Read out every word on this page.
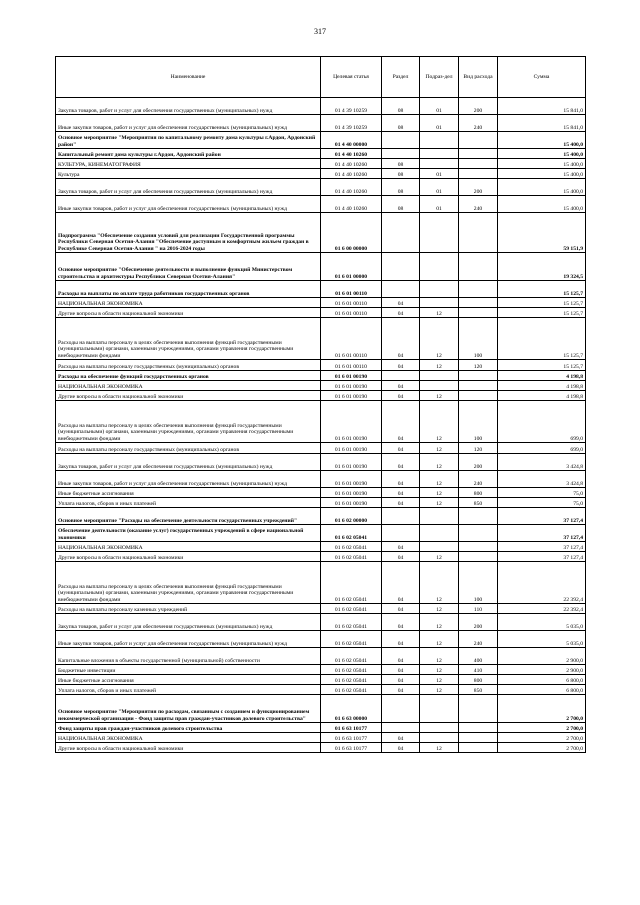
317
Наименование	Целевая статья	Раздел	Подраз-дел	Вид расхода	Сумма
Закупка товаров, работ и услуг для обеспечения государственных (муниципальных) нужд	01 4 39 10259	08	01	200	15 841,0
Иные закупки товаров, работ и услуг для обеспечения государственных (муниципальных) нужд	01 4 39 10259	08	01	240	15 841,0
Основное мероприятие "Мероприятия по капитальному ремонту дома культуры г.Ардон, Ардонский район"	01 4 40 00000				15 400,0
Капитальный ремонт дома культуры г.Ардон, Ардонский район	01 4 40 10260				15 400,0
КУЛЬТУРА, КИНЕМАТОГРАФИЯ	01 4 40 10260	08			15 400,0
Культура	01 4 40 10260	08	01		15 400,0
Закупка товаров, работ и услуг для обеспечения государственных (муниципальных) нужд	01 4 40 10260	08	01	200	15 400,0
Иные закупки товаров, работ и услуг для обеспечения государственных (муниципальных) нужд	01 4 40 10260	08	01	240	15 400,0
Подпрограмма "Обеспечение создания условий для реализации Государственной программы Республики Северная Осетия-Алания "Обеспечение доступным и комфортным жильем граждан в Республике Северная Осетия-Алания " на 2016-2024 годы	01 6 00 00000				59 151,9
Основное мероприятие "Обеспечение деятельности и выполнение функций Министерством строительства и архитектуры Республики Северная Осетия-Алания"	01 6 01 00000				19 324,5
Расходы на выплаты по оплате труда работников государственных органов	01 6 01 00110				15 125,7
НАЦИОНАЛЬНАЯ ЭКОНОМИКА	01 6 01 00110	04			15 125,7
Другие вопросы в области национальной экономики	01 6 01 00110	04	12		15 125,7
Расходы на выплаты персоналу в целях обеспечения выполнения функций государственными (муниципальными) органами, казенными учреждениями, органами управления государственными внебюджетными фондами	01 6 01 00110	04	12	100	15 125,7
Расходы на выплаты персоналу государственных (муниципальных) органов	01 6 01 00110	04	12	120	15 125,7
Расходы на обеспечение функций государственных органов	01 6 01 00190				4 198,8
НАЦИОНАЛЬНАЯ ЭКОНОМИКА	01 6 01 00190	04			4 198,8
Другие вопросы в области национальной экономики	01 6 01 00190	04	12		4 198,8
Расходы на выплаты персоналу в целях обеспечения выполнения функций государственными (муниципальными) органами, казенными учреждениями, органами управления государственными внебюджетными фондами	01 6 01 00190	04	12	100	699,0
Расходы на выплаты персоналу государственных (муниципальных) органов	01 6 01 00190	04	12	120	699,0
Закупка товаров, работ и услуг для обеспечения государственных (муниципальных) нужд	01 6 01 00190	04	12	200	3 424,8
Иные закупки товаров, работ и услуг для обеспечения государственных (муниципальных) нужд	01 6 01 00190	04	12	240	3 424,8
Иные бюджетные ассигнования	01 6 01 00190	04	12	800	75,0
Уплата налогов, сборов и иных платежей	01 6 01 00190	04	12	850	75,0
Основное мероприятие "Расходы на обеспечение деятельности государственных учреждений"	01 6 02 00000				37 127,4
Обеспечение деятельности (оказание услуг) государственных учреждений в сфере национальной экономики	01 6 02 05041				37 127,4
НАЦИОНАЛЬНАЯ ЭКОНОМИКА	01 6 02 05041	04			37 127,4
Другие вопросы в области национальной экономики	01 6 02 05041	04	12		37 127,4
Расходы на выплаты персоналу в целях обеспечения выполнения функций государственными (муниципальными) органами, казенными учреждениями, органами управления государственными внебюджетными фондами	01 6 02 05041	04	12	100	22 392,4
Расходы на выплаты персоналу казенных учреждений	01 6 02 05041	04	12	110	22 392,4
Закупка товаров, работ и услуг для обеспечения государственных (муниципальных) нужд	01 6 02 05041	04	12	200	5 035,0
Иные закупки товаров, работ и услуг для обеспечения государственных (муниципальных) нужд	01 6 02 05041	04	12	240	5 035,0
Капитальные вложения в объекты государственной (муниципальной) собственности	01 6 02 05041	04	12	400	2 900,0
Бюджетные инвестиции	01 6 02 05041	04	12	410	2 900,0
Иные бюджетные ассигнования	01 6 02 05041	04	12	800	6 800,0
Уплата налогов, сборов и иных платежей	01 6 02 05041	04	12	850	6 800,0
Основное мероприятие "Мероприятия по расходам, связанным с созданием и функционированием некоммерческой организации - Фонд защиты прав граждан-участников долевого строительства"	01 6 63 00000				2 700,0
Фонд защиты прав граждан-участников долевого строительства	01 6 63 10177				2 700,0
НАЦИОНАЛЬНАЯ ЭКОНОМИКА	01 6 63 10177	04			2 700,0
Другие вопросы в области национальной экономики	01 6 63 10177	04	12		2 700,0
